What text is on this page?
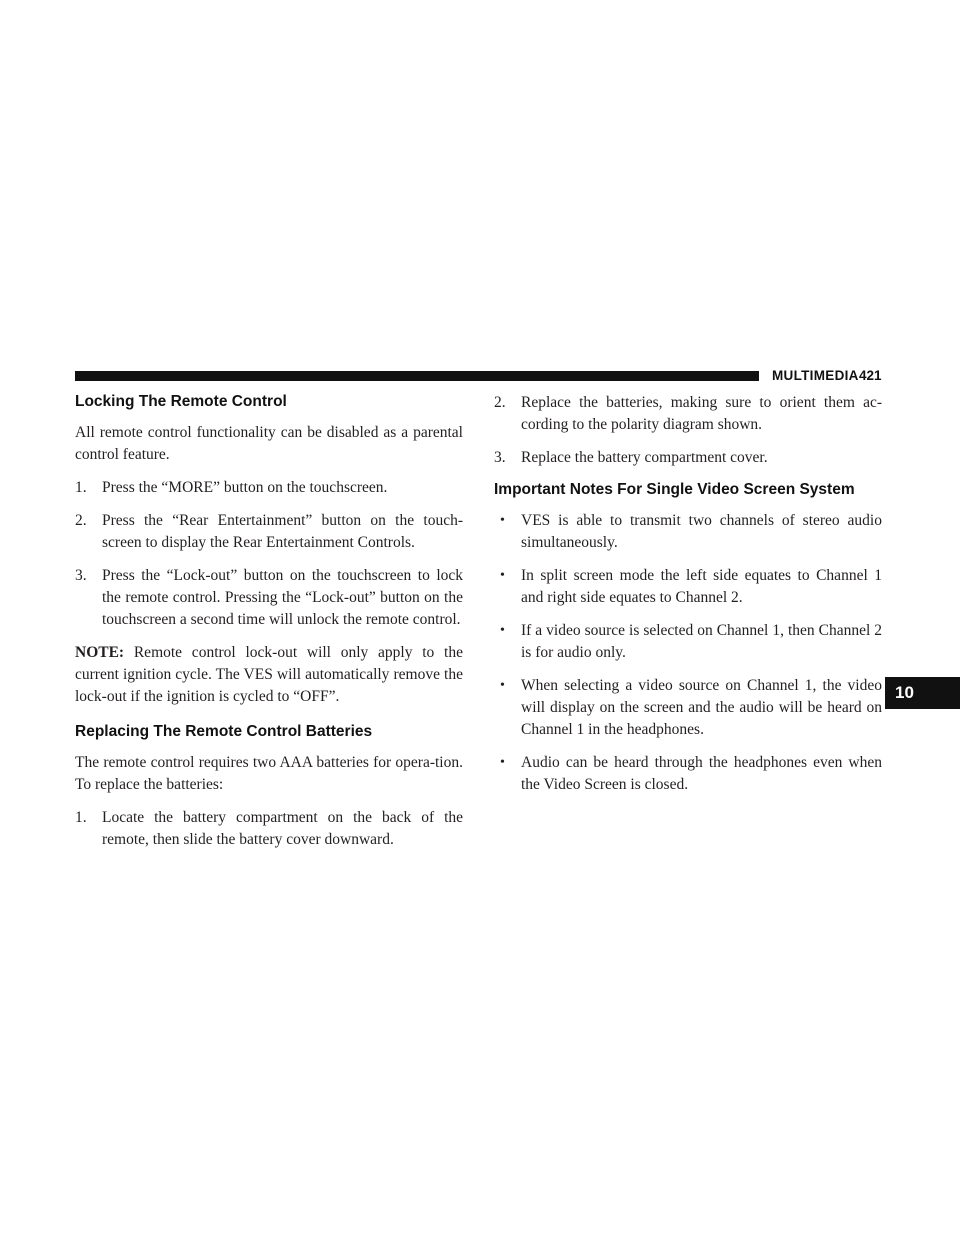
MULTIMEDIA 421
10
Locking The Remote Control

All remote control functionality can be disabled as a parental control feature.

1. Press the “MORE” button on the touchscreen.
2. Press the “Rear Entertainment” button on the touch-screen to display the Rear Entertainment Controls.
3. Press the “Lock-out” button on the touchscreen to lock the remote control. Pressing the “Lock-out” button on the touchscreen a second time will unlock the remote control.

NOTE: Remote control lock-out will only apply to the current ignition cycle. The VES will automatically remove the lock-out if the ignition is cycled to “OFF”.

Replacing The Remote Control Batteries

The remote control requires two AAA batteries for opera-tion. To replace the batteries:

1. Locate the battery compartment on the back of the remote, then slide the battery cover downward.
2. Replace the batteries, making sure to orient them ac-cording to the polarity diagram shown.
3. Replace the battery compartment cover.
Important Notes For Single Video Screen System
• VES is able to transmit two channels of stereo audio simultaneously.
• In split screen mode the left side equates to Channel 1 and right side equates to Channel 2.
• If a video source is selected on Channel 1, then Channel 2 is for audio only.
• When selecting a video source on Channel 1, the video will display on the screen and the audio will be heard on Channel 1 in the headphones.
• Audio can be heard through the headphones even when the Video Screen is closed.
